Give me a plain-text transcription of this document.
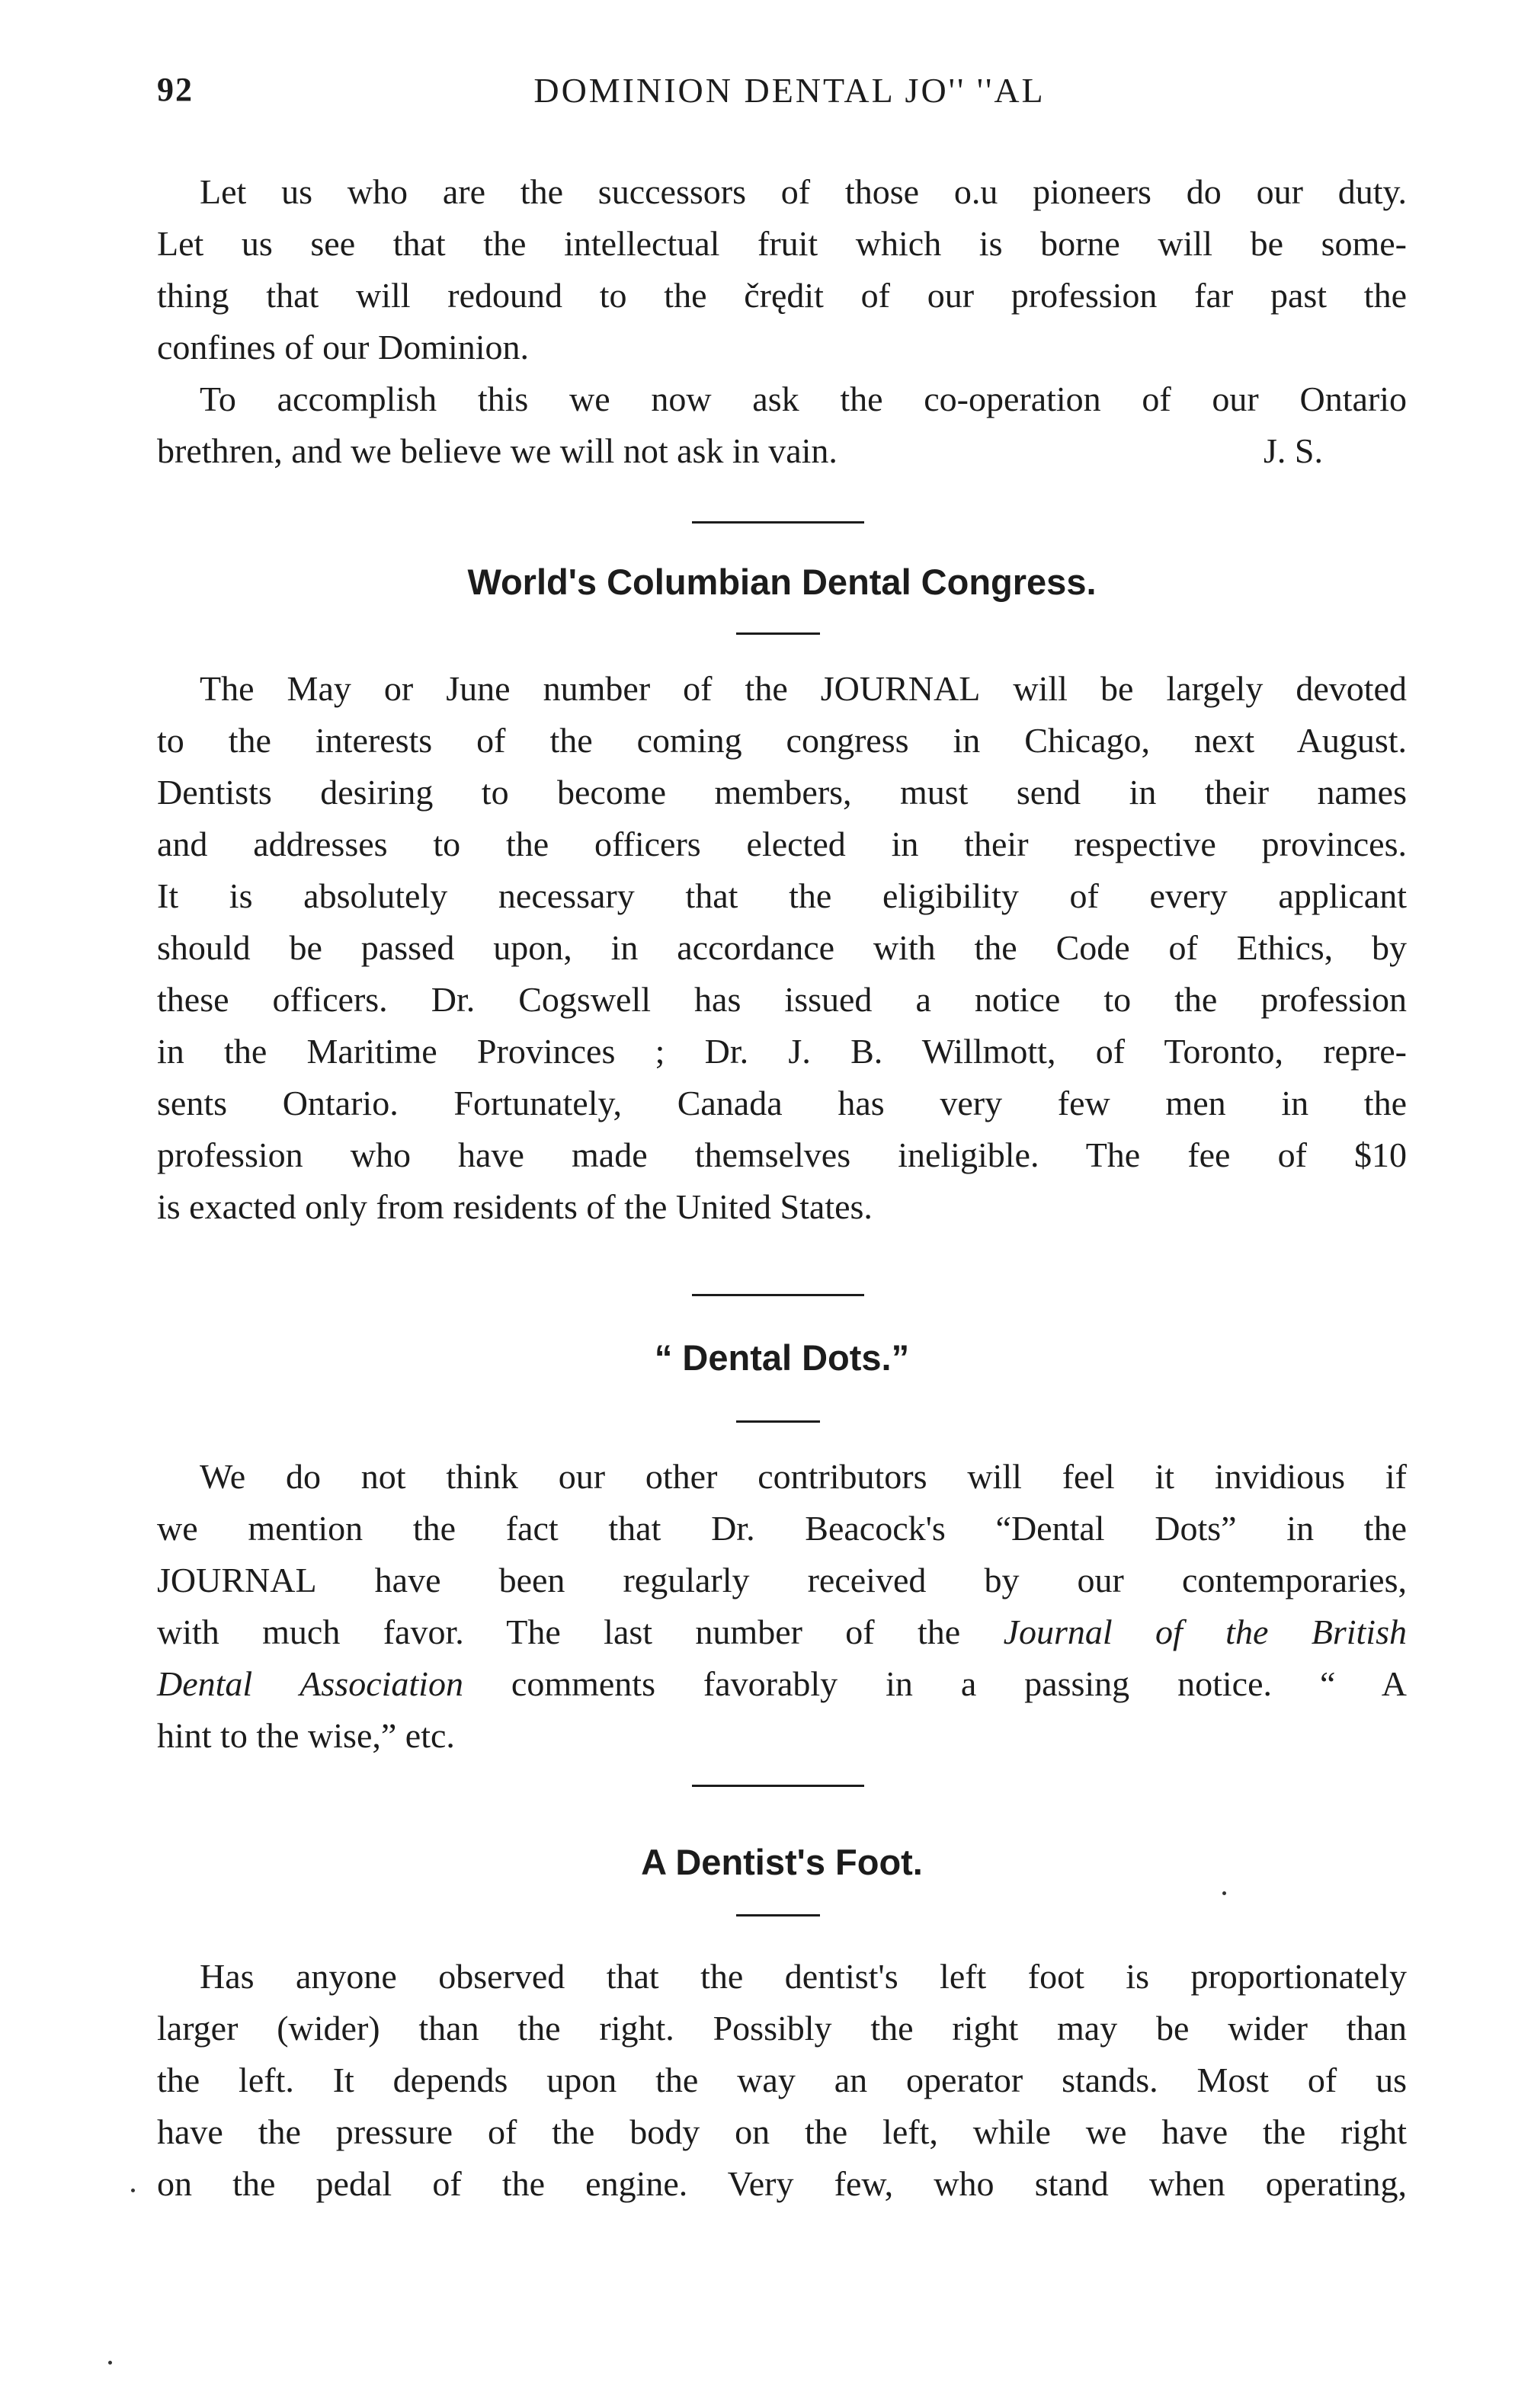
92	DOMINION DENTAL JO'' ''AL

Let us who are the successors of those o.u pioneers do our duty.
Let us see that the intellectual fruit which is borne will be some-
thing that will redound to the črędit of our profession far past the
confines of our Dominion.

To accomplish this we now ask the co-operation of our Ontario
brethren, and we believe we will not ask in vain.	J. S.

World's Columbian Dental Congress.

The May or June number of the JOURNAL will be largely devoted
to the interests of the coming congress in Chicago, next August.
Dentists desiring to become members, must send in their names
and addresses to the officers elected in their respective provinces.
It is absolutely necessary that the eligibility of every applicant
should be passed upon, in accordance with the Code of Ethics, by
these officers. Dr. Cogswell has issued a notice to the profession
in the Maritime Provinces ; Dr. J. B. Willmott, of Toronto, repre-
sents Ontario. Fortunately, Canada has very few men in the
profession who have made themselves ineligible. The fee of $10
is exacted only from residents of the United States.

“ Dental Dots.”

We do not think our other contributors will feel it invidious if
we mention the fact that Dr. Beacock's “Dental Dots” in the
JOURNAL have been regularly received by our contemporaries,
with much favor. The last number of the Journal of the British
Dental Association comments favorably in a passing notice. “ A
hint to the wise,” etc.

A Dentist's Foot.

Has anyone observed that the dentist's left foot is proportionately
larger (wider) than the right. Possibly the right may be wider than
the left. It depends upon the way an operator stands. Most of us
have the pressure of the body on the left, while we have the right
on the pedal of the engine. Very few, who stand when operating,
